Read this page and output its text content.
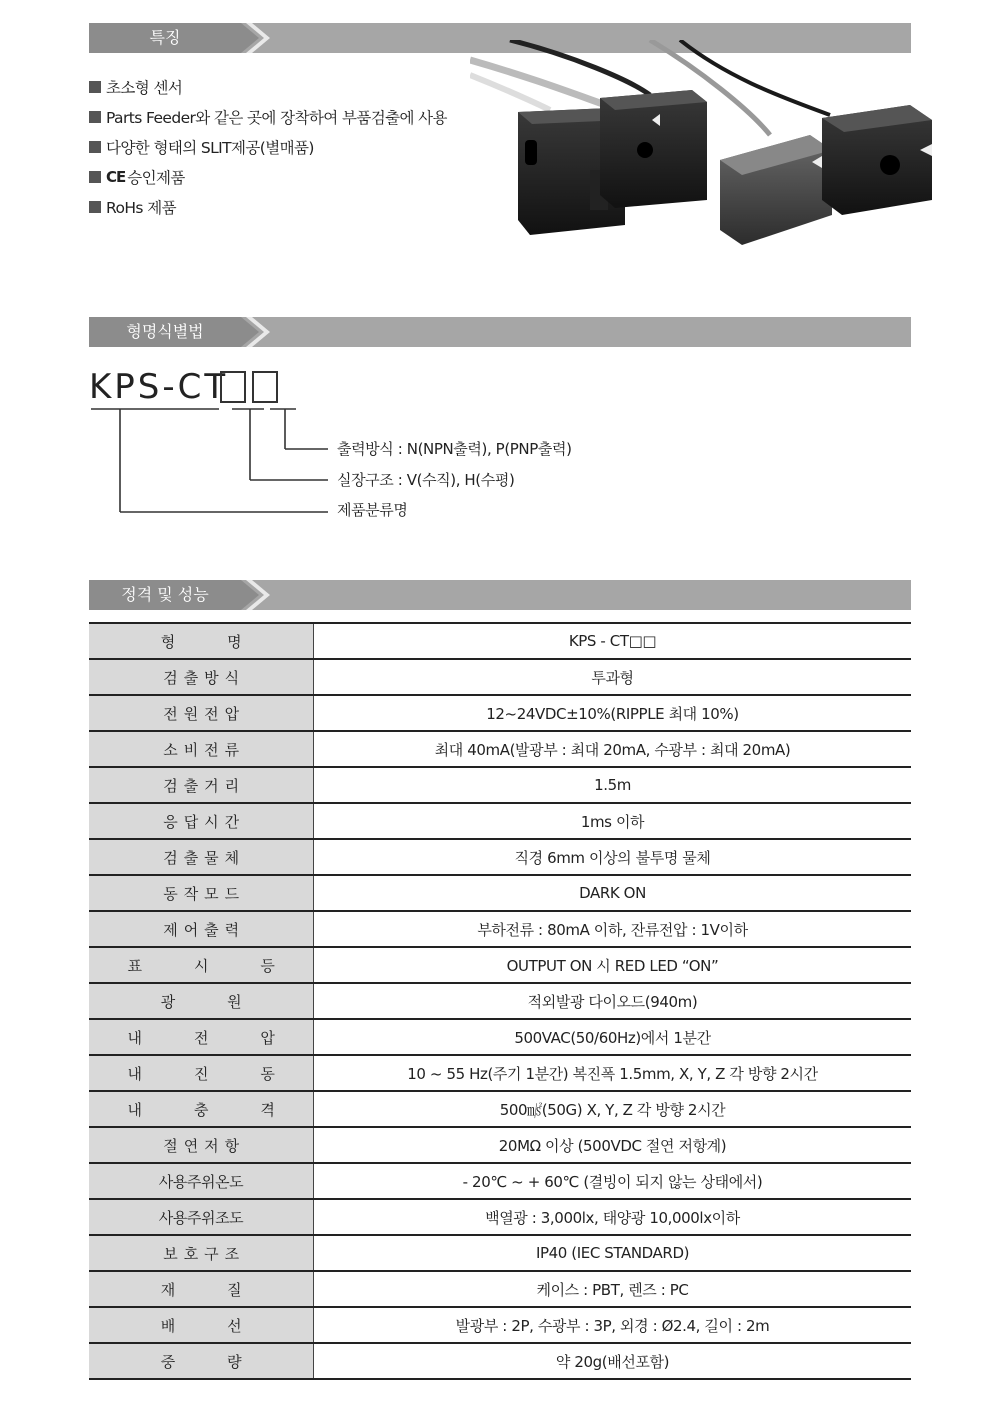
특징
초소형 센서
Parts Feeder와 같은 곳에 장착하여 부품검출에 사용
다양한 형태의 SLIT제공(별매품)
CE 승인제품
RoHs 제품
형명식별법
KPS-CT
출력방식 : N(NPN출력), P(PNP출력)
실장구조 : V(수직), H(수평)
제품분류명
정격 및 성능
형 명	KPS - CT□□
검 출 방 식	투과형
전 원 전 압	12~24VDC±10%(RIPPLE 최대 10%)
소 비 전 류	최대 40mA(발광부 : 최대 20mA, 수광부 : 최대 20mA)
검 출 거 리	1.5m
응 답 시 간	1ms 이하
검 출 물 체	직경 6mm 이상의 불투명 물체
동 작 모 드	DARK ON
제 어 출 력	부하전류 : 80mA 이하, 잔류전압 : 1V이하
표 시 등	OUTPUT ON 시 RED LED “ON”
광 원	적외발광 다이오드(940m)
내 전 압	500VAC(50/60Hz)에서 1분간
내 진 동	10 ~ 55 Hz(주기 1분간) 복진폭 1.5mm, X, Y, Z 각 방향 2시간
내 충 격	500㎨(50G) X, Y, Z 각 방향 2시간
절 연 저 항	20MΩ 이상 (500VDC 절연 저항계)
사용주위온도	- 20℃ ~ + 60℃ (결빙이 되지 않는 상태에서)
사용주위조도	백열광 : 3,000lx, 태양광 10,000lx이하
보 호 구 조	IP40 (IEC STANDARD)
재 질	케이스 : PBT, 렌즈 : PC
배 선	발광부 : 2P, 수광부 : 3P, 외경 : Ø2.4, 길이 : 2m
중 량	약 20g(배선포함)
